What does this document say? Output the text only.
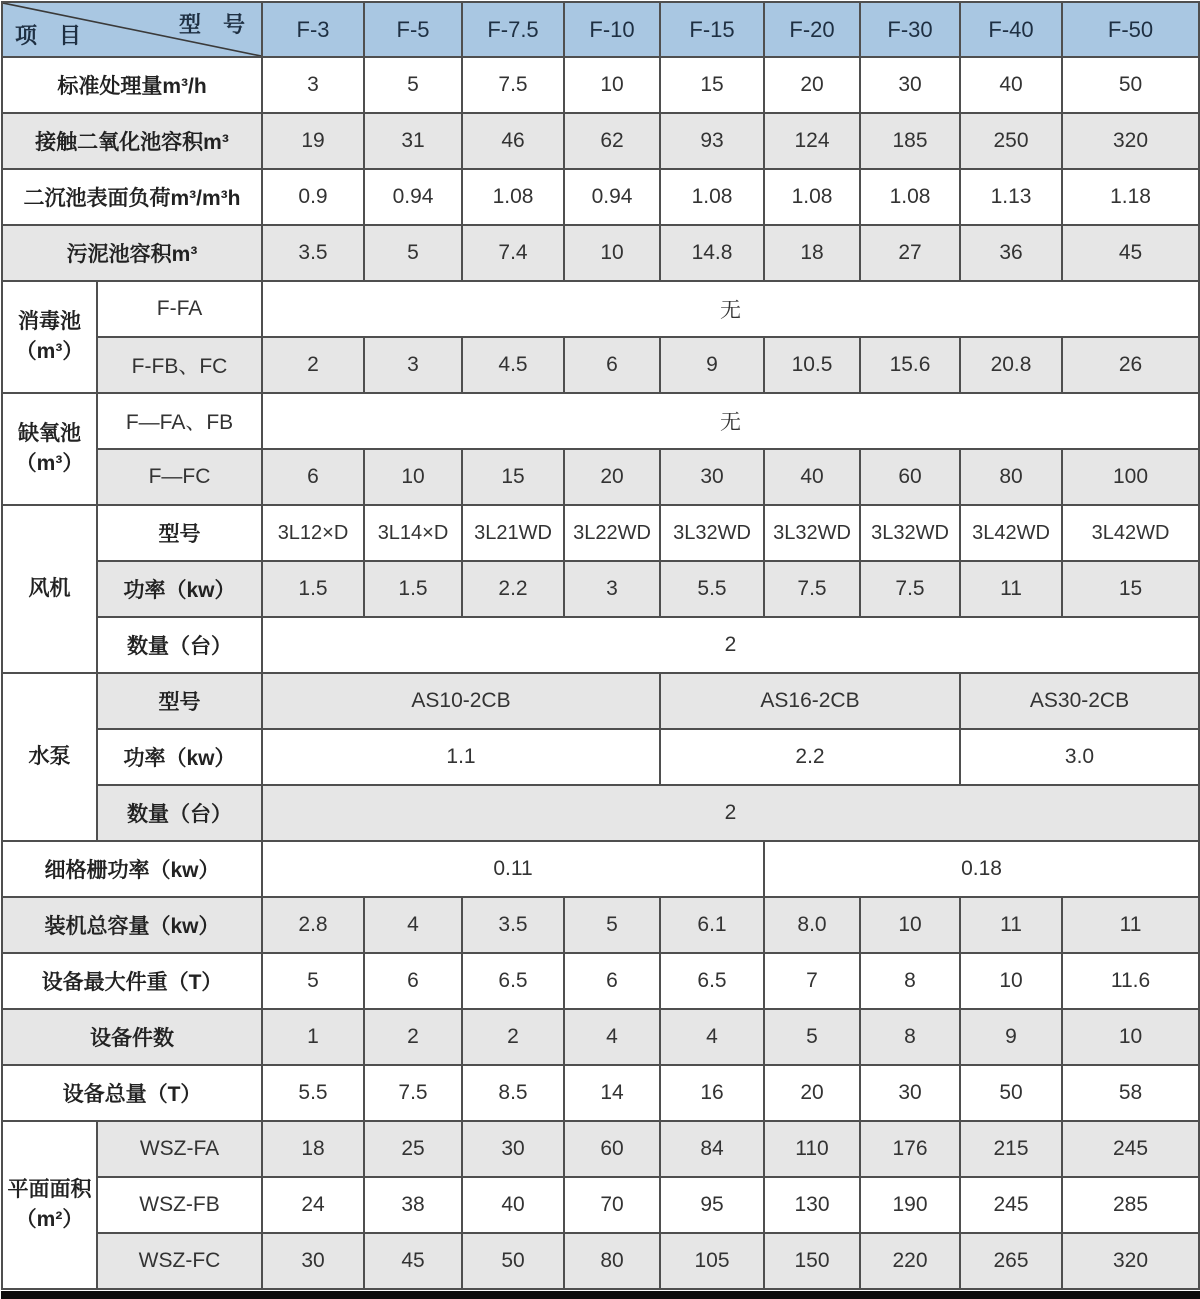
型　号
项　目		F-3	F-5	F-7.5	F-10	F-15	F-20	F-30	F-40	F-50
标准处理量m³/h		3	5	7.5	10	15	20	30	40	50
接触二氧化池容积m³		19	31	46	62	93	124	185	250	320
二沉池表面负荷m³/m³h		0.9	0.94	1.08	0.94	1.08	1.08	1.08	1.13	1.18
污泥池容积m³		3.5	5	7.4	10	14.8	18	27	36	45

消毒池
（m³）	F-FA	无								
	F-FB、FC	2	3	4.5	6	9	10.5	15.6	20.8	26

缺氧池
（m³）	F—FA、FB	无								
	F—FC	6	10	15	20	30	40	60	80	100
风机	型号	3L12×D	3L14×D	3L21WD	3L22WD	3L32WD	3L32WD	3L32WD	3L42WD	3L42WD
	功率（kw）	1.5	1.5	2.2	3	5.5	7.5	7.5	11	15
	数量（台）	2								
水泵	型号	AS10-2CB				AS16-2CB			AS30-2CB	
	功率（kw）	1.1				2.2			3.0	
	数量（台）	2								
细格栅功率（kw）		0.11					0.18			
装机总容量（kw）		2.8	4	3.5	5	6.1	8.0	10	11	11
设备最大件重（T）		5	6	6.5	6	6.5	7	8	10	11.6
设备件数		1	2	2	4	4	5	8	9	10
设备总量（T）		5.5	7.5	8.5	14	16	20	30	50	58

平面面积
（m²）	WSZ-FA	18	25	30	60	84	110	176	215	245
	WSZ-FB	24	38	40	70	95	130	190	245	285
	WSZ-FC	30	45	50	80	105	150	220	265	320
